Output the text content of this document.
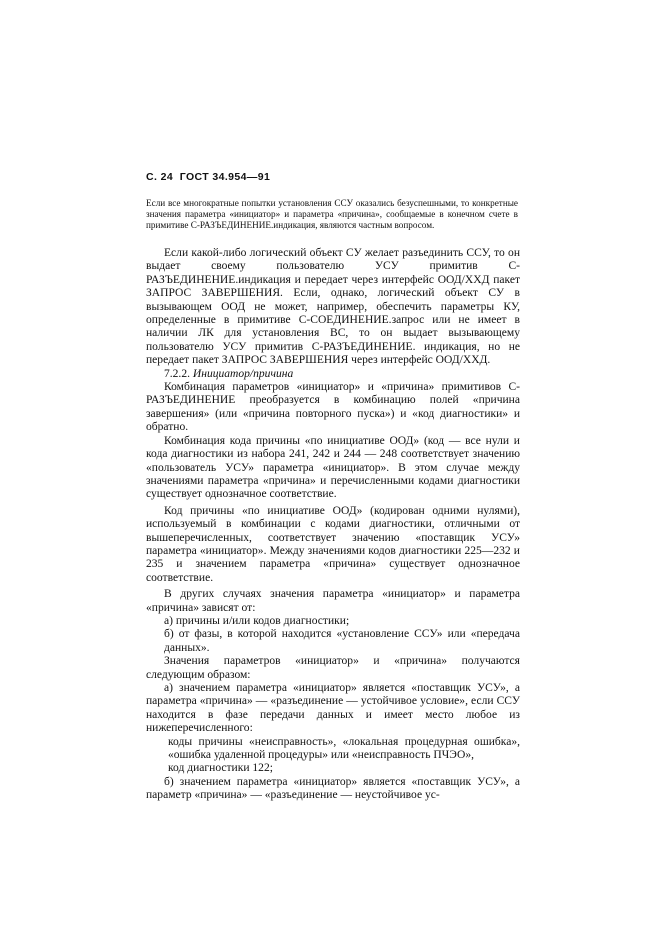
С. 24 ГОСТ 34.954—91
Если все многократные попытки установления ССУ оказались безуспешными, то конкретные значения параметра «инициатор» и параметра «причина», сообщаемые в конечном счете в примитиве С-РАЗЪЕДИНЕНИЕ.индикация, являются частным вопросом.

Если какой-либо логический объект СУ желает разъединить ССУ, то он выдает своему пользователю УСУ примитив С-РАЗЪЕДИНЕНИЕ.индикация и передает через интерфейс ООД/ХХД пакет ЗАПРОС ЗАВЕРШЕНИЯ. Если, однако, логический объект СУ в вызывающем ООД не может, например, обеспечить параметры КУ, определенные в примитиве С-СОЕДИНЕНИЕ.запрос или не имеет в наличии ЛК для установления ВС, то он выдает вызывающему пользователю УСУ примитив С-РАЗЪЕДИНЕНИЕ. индикация, но не передает пакет ЗАПРОС ЗАВЕРШЕНИЯ через интерфейс ООД/ХХД.

7.2.2. Инициатор/причина

Комбинация параметров «инициатор» и «причина» примитивов С-РАЗЪЕДИНЕНИЕ преобразуется в комбинацию полей «причина завершения» (или «причина повторного пуска») и «код диагностики» и обратно.

Комбинация кода причины «по инициативе ООД» (код — все нули и кода диагностики из набора 241, 242 и 244 — 248 соответствует значению «пользователь УСУ» параметра «инициатор». В этом случае между значениями параметра «причина» и перечисленными кодами диагностики существует однозначное соответствие.

Код причины «по инициативе ООД» (кодирован одними нулями), используемый в комбинации с кодами диагностики, отличными от вышеперечисленных, соответствует значению «поставщик УСУ» параметра «инициатор». Между значениями кодов диагностики 225—232 и 235 и значением параметра «причина» существует однозначное соответствие.

В других случаях значения параметра «инициатор» и параметра «причина» зависят от:

а) причины и/или кодов диагностики;

б) от фазы, в которой находится «установление ССУ» или «передача данных».

Значения параметров «инициатор» и «причина» получаются следующим образом:

а) значением параметра «инициатор» является «поставщик УСУ», а параметра «причина» — «разъединение — устойчивое условие», если ССУ находится в фазе передачи данных и имеет место любое из нижеперечисленного:

коды причины «неисправность», «локальная процедурная ошибка», «ошибка удаленной процедуры» или «неисправность ПЧЭО»,

код диагностики 122;

б) значением параметра «инициатор» является «поставщик УСУ», а параметр «причина» — «разъединение — неустойчивое ус-
